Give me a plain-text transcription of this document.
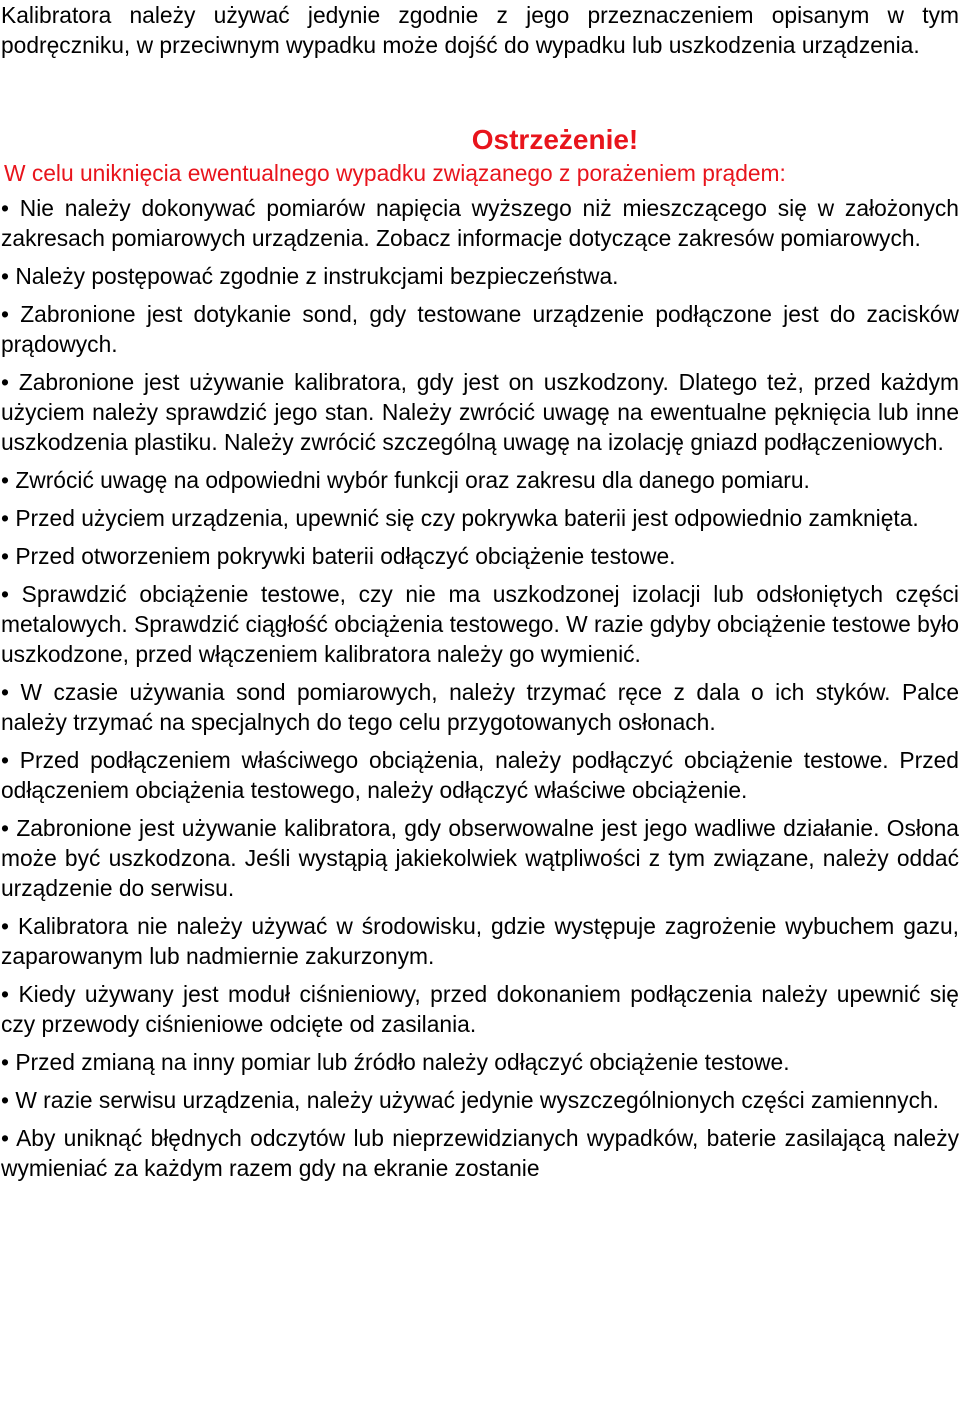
Kalibratora należy używać jedynie zgodnie z jego przeznaczeniem opisanym w tym podręczniku, w przeciwnym wypadku może dojść do wypadku lub uszkodzenia urządzenia.

Ostrzeżenie!

W celu uniknięcia ewentualnego wypadku związanego z porażeniem prądem:

• Nie należy dokonywać pomiarów napięcia wyższego niż mieszczącego się w założonych zakresach pomiarowych urządzenia. Zobacz informacje dotyczące zakresów pomiarowych.
• Należy postępować zgodnie z instrukcjami bezpieczeństwa.
• Zabronione jest dotykanie sond, gdy testowane urządzenie podłączone jest do zacisków prądowych.
• Zabronione jest używanie kalibratora, gdy jest on uszkodzony. Dlatego też, przed każdym użyciem należy sprawdzić jego stan. Należy zwrócić uwagę na ewentualne pęknięcia lub inne uszkodzenia plastiku. Należy zwrócić szczególną uwagę na izolację gniazd podłączeniowych.
• Zwrócić uwagę na odpowiedni wybór funkcji oraz zakresu dla danego pomiaru.
• Przed użyciem urządzenia, upewnić się czy pokrywka baterii jest odpowiednio zamknięta.
• Przed otworzeniem pokrywki baterii odłączyć obciążenie testowe.
• Sprawdzić obciążenie testowe, czy nie ma uszkodzonej izolacji lub odsłoniętych części metalowych. Sprawdzić ciągłość obciążenia testowego. W razie gdyby obciążenie testowe było uszkodzone, przed włączeniem kalibratora należy go wymienić.
• W czasie używania sond pomiarowych, należy trzymać ręce z dala o ich styków. Palce należy trzymać na specjalnych do tego celu przygotowanych osłonach.
• Przed podłączeniem właściwego obciążenia, należy podłączyć obciążenie testowe. Przed odłączeniem obciążenia testowego, należy odłączyć właściwe obciążenie.
• Zabronione jest używanie kalibratora, gdy obserwowalne jest jego wadliwe działanie. Osłona może być uszkodzona. Jeśli wystąpią jakiekolwiek wątpliwości z tym związane, należy oddać urządzenie do serwisu.
• Kalibratora nie należy używać w środowisku, gdzie występuje zagrożenie wybuchem gazu, zaparowanym lub nadmiernie zakurzonym.
• Kiedy używany jest moduł ciśnieniowy, przed dokonaniem podłączenia należy upewnić się czy przewody ciśnieniowe odcięte od zasilania.
• Przed zmianą na inny pomiar lub źródło należy odłączyć obciążenie testowe.
• W razie serwisu urządzenia, należy używać jedynie wyszczególnionych części zamiennych.
• Aby uniknąć błędnych odczytów lub nieprzewidzianych wypadków, baterie zasilającą należy wymieniać za każdym razem gdy na ekranie zostanie
